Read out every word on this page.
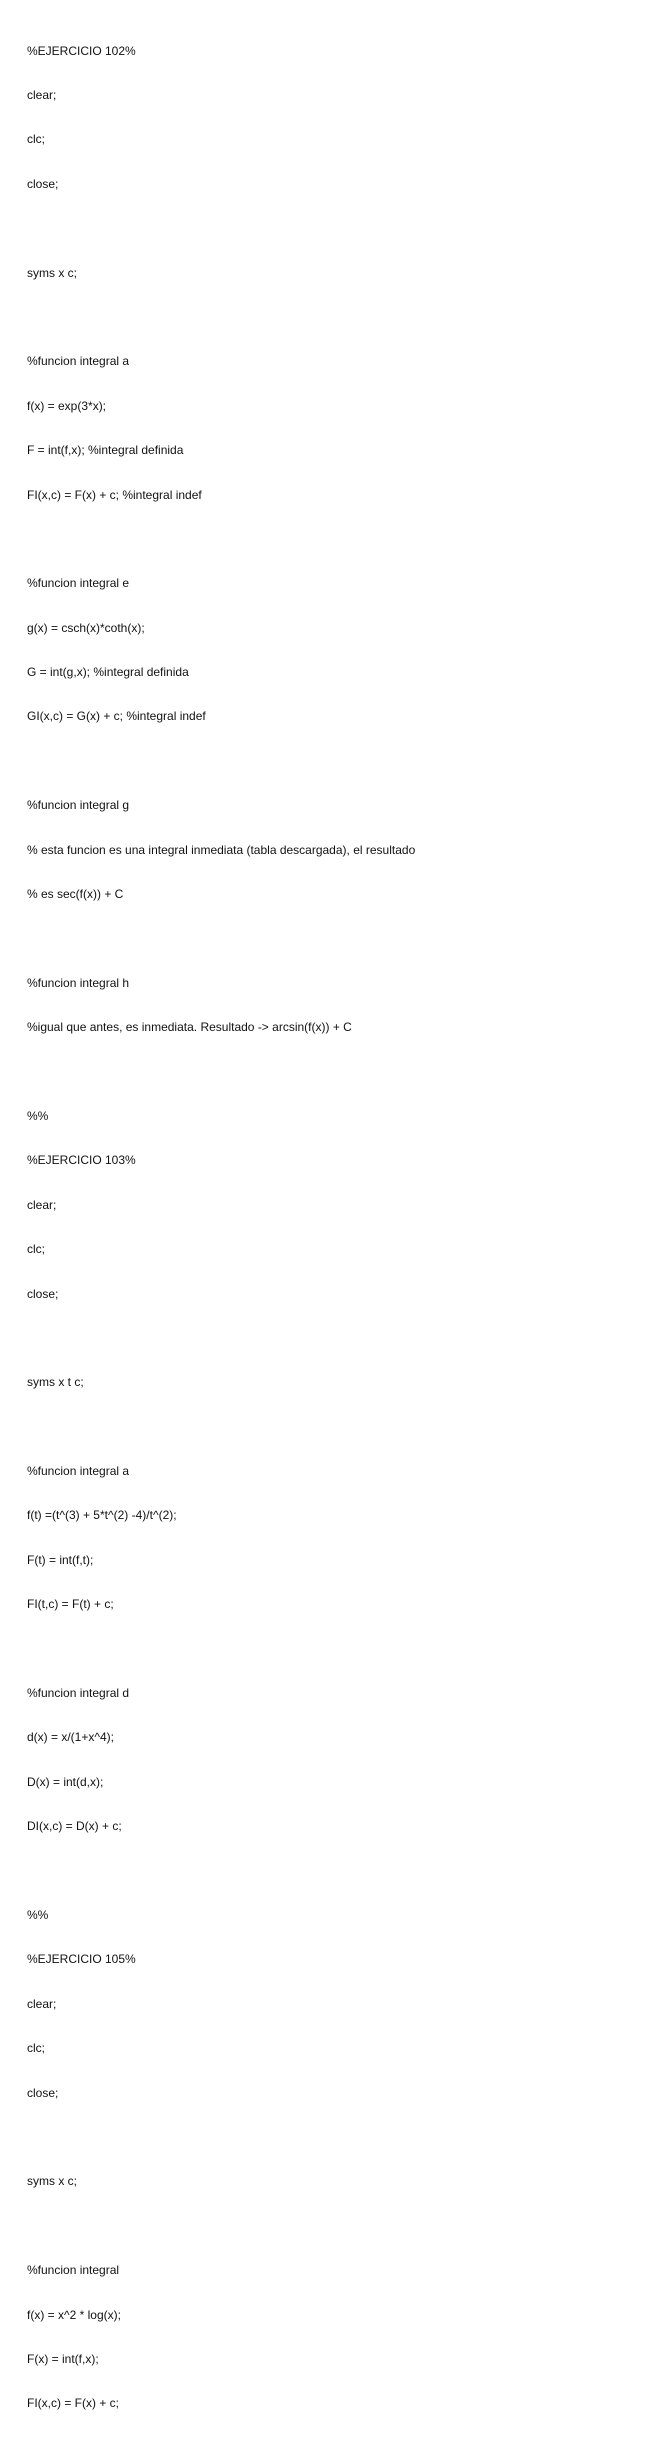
%EJERCICIO 102%

clear;

clc;

close;

syms x c;

%funcion integral a

f(x) = exp(3*x);

F = int(f,x); %integral definida

FI(x,c) = F(x) + c; %integral indef

%funcion integral e

g(x) = csch(x)*coth(x);

G = int(g,x); %integral definida

GI(x,c) = G(x) + c; %integral indef

%funcion integral g

% esta funcion es una integral inmediata (tabla descargada), el resultado

% es sec(f(x)) + C

%funcion integral h

%igual que antes, es inmediata. Resultado -> arcsin(f(x)) + C

%%

%EJERCICIO 103%

clear;

clc;

close;

syms x t c;

%funcion integral a

f(t) =(t^(3) + 5*t^(2) -4)/t^(2);

F(t) = int(f,t);

FI(t,c) = F(t) + c;

%funcion integral d

d(x) = x/(1+x^4);

D(x) = int(d,x);

DI(x,c) = D(x) + c;

%%

%EJERCICIO 105%

clear;

clc;

close;

syms x c;

%funcion integral

f(x) = x^2 * log(x);

F(x) = int(f,x);

FI(x,c) = F(x) + c;
